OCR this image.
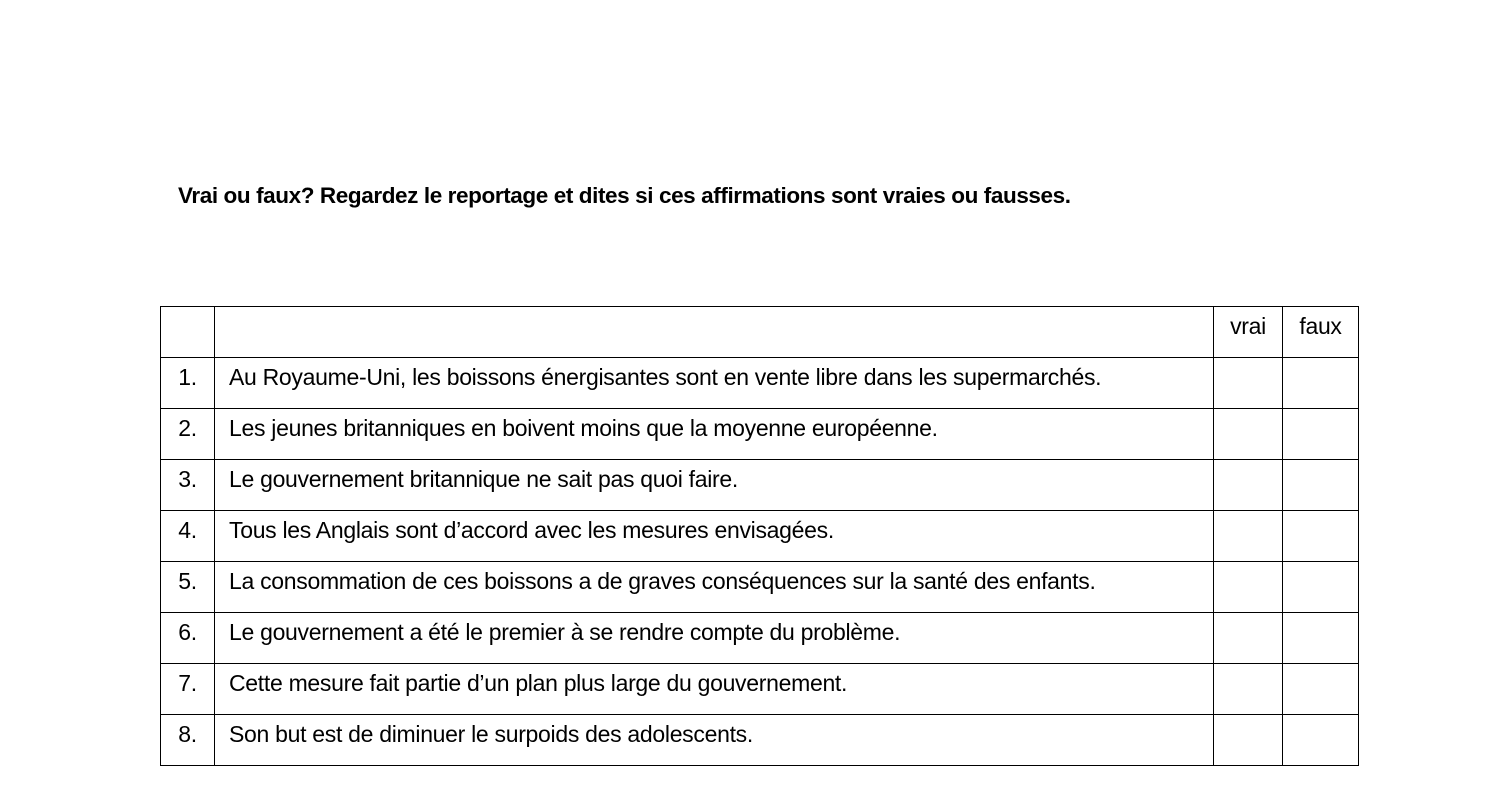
Vrai ou faux? Regardez le reportage et dites si ces affirmations sont vraies ou fausses.
		vrai	faux
1.	Au Royaume-Uni, les boissons énergisantes sont en vente libre dans les supermarchés.		
2.	Les jeunes britanniques en boivent moins que la moyenne européenne.		
3.	Le gouvernement britannique ne sait pas quoi faire.		
4.	Tous les Anglais sont d’accord avec les mesures envisagées.		
5.	La consommation de ces boissons a de graves conséquences sur la santé des enfants.		
6.	Le gouvernement a été le premier à se rendre compte du problème.		
7.	Cette mesure fait partie d’un plan plus large du gouvernement.		
8.	Son but est de diminuer le surpoids des adolescents.		
